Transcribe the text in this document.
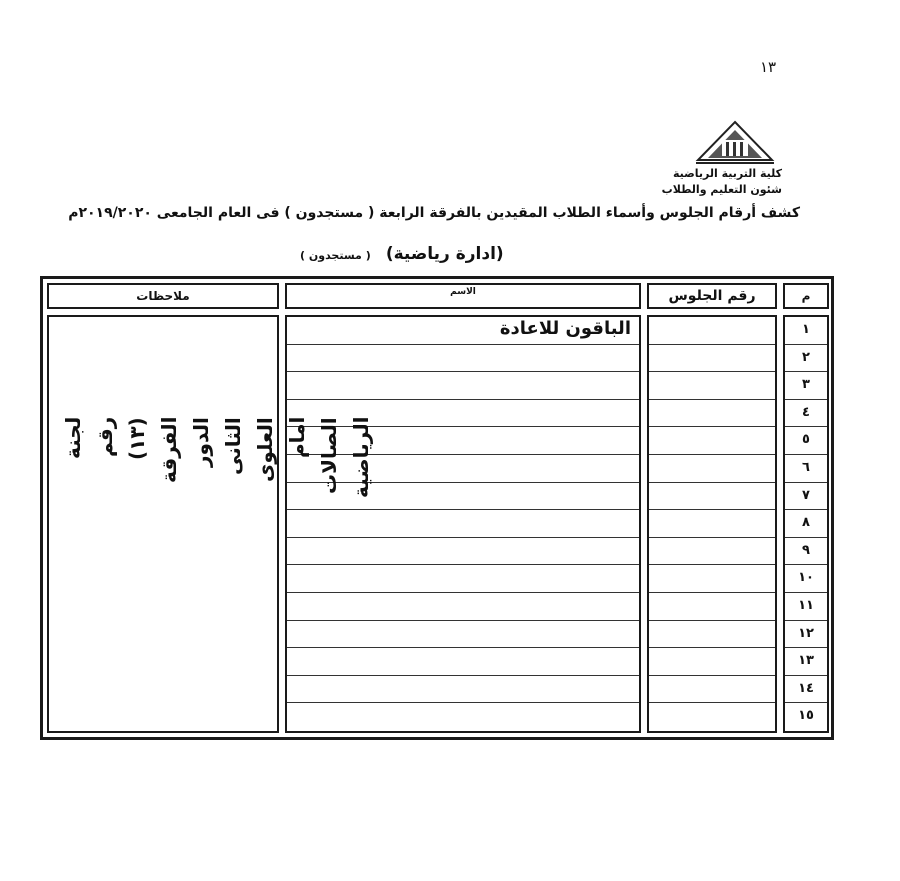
١٣
كلية التربية الرياضية
شئون التعليم والطلاب
كشف أرقام الجلوس وأسماء الطلاب المقيدين بالفرقة الرابعة ( مستجدون ) فى العام الجامعى ٢٠١٩/٢٠٢٠م
(ادارة رياضية) ( مستجدون )
م
رقم الجلوس
الاسم
ملاحظات
١
٢
٣
٤
٥
٦
٧
٨
٩
١٠
١١
١٢
١٣
١٤
١٥
الباقون للاعادة
لجنة رقم (١٣) الفرقة الدور الثانى العلوى امام الصالات الرياضية
